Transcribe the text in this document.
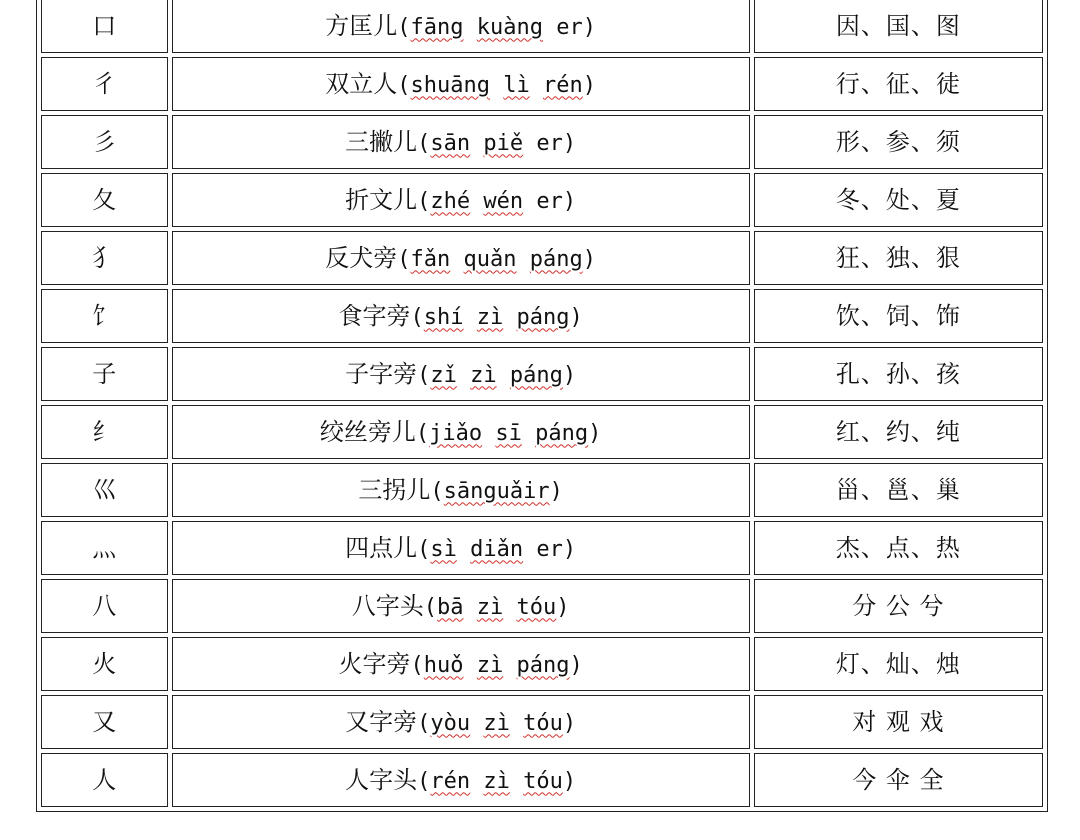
口	方匡儿(fāng kuàng er)	因、国、图
彳	双立人(shuāng lì rén)	行、征、徒
彡	三撇儿(sān piě er)	形、参、须
夂	折文儿(zhé wén er)	冬、处、夏
犭	反犬旁(fǎn quǎn páng)	狂、独、狠
饣	食字旁(shí zì páng)	饮、饲、饰
子	子字旁(zǐ zì páng)	孔、孙、孩
纟	绞丝旁儿(jiǎo sī páng)	红、约、纯
巛	三拐儿(sānguǎir)	甾、邕、巢
灬	四点儿(sì diǎn er)	杰、点、热
八	八字头(bā zì tóu)	分 公 兮
火	火字旁(huǒ zì páng)	灯、灿、烛
又	又字旁(yòu zì tóu)	对 观 戏
人	人字头(rén zì tóu)	今 伞 全
